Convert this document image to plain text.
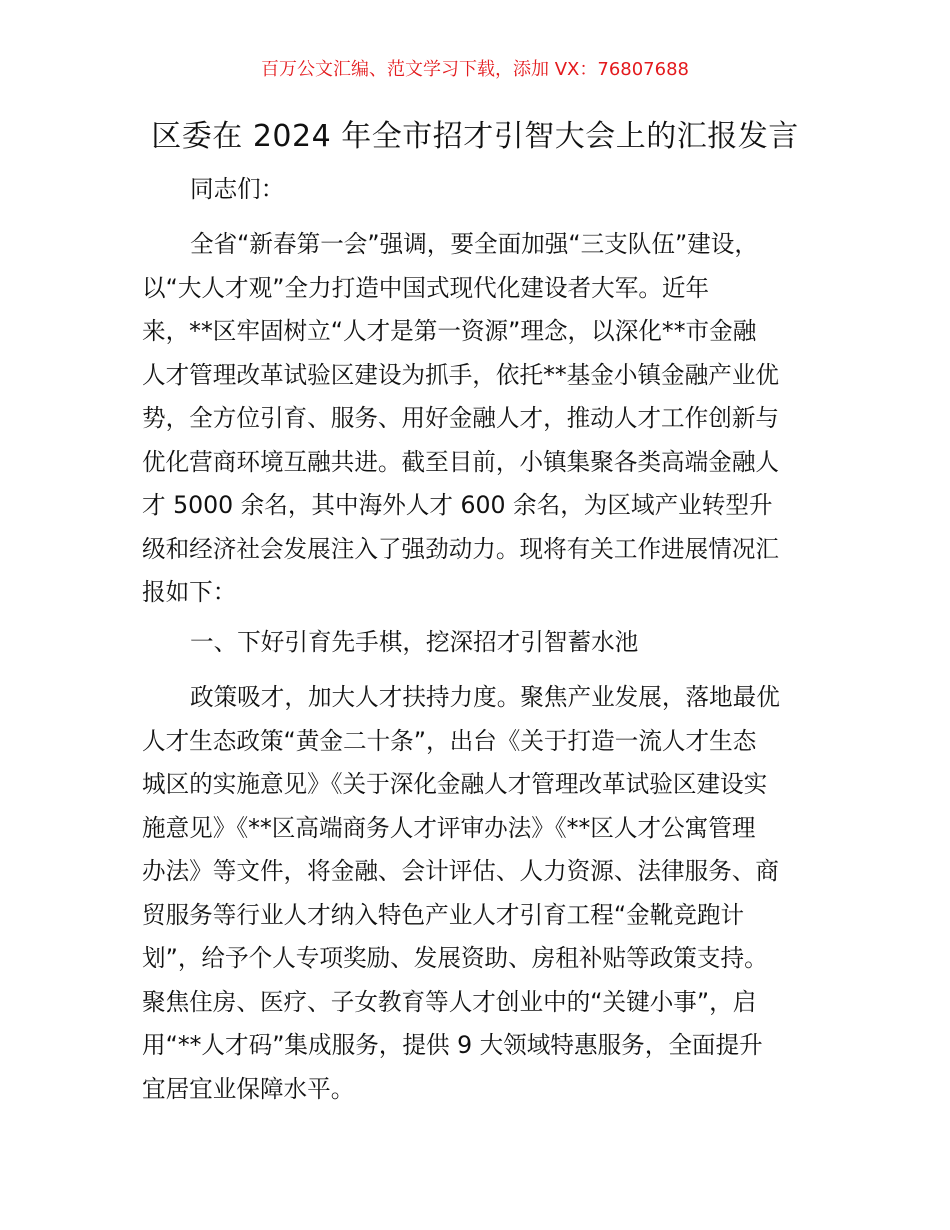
百万公文汇编、范文学习下载，添加 VX：76807688
区委在 2024 年全市招才引智大会上的汇报发言
同志们：
全省“新春第一会”强调，要全面加强“三支队伍”建设，
以“大人才观”全力打造中国式现代化建设者大军。近年
来，**区牢固树立“人才是第一资源”理念，以深化**市金融
人才管理改革试验区建设为抓手，依托**基金小镇金融产业优
势，全方位引育、服务、用好金融人才，推动人才工作创新与
优化营商环境互融共进。截至目前，小镇集聚各类高端金融人
才 5000 余名，其中海外人才 600 余名，为区域产业转型升
级和经济社会发展注入了强劲动力。现将有关工作进展情况汇
报如下：
一、下好引育先手棋，挖深招才引智蓄水池
政策吸才，加大人才扶持力度。聚焦产业发展，落地最优
人才生态政策“黄金二十条”，出台《关于打造一流人才生态
城区的实施意见》《关于深化金融人才管理改革试验区建设实
施意见》《**区高端商务人才评审办法》《**区人才公寓管理
办法》等文件，将金融、会计评估、人力资源、法律服务、商
贸服务等行业人才纳入特色产业人才引育工程“金靴竞跑计
划”，给予个人专项奖励、发展资助、房租补贴等政策支持。
聚焦住房、医疗、子女教育等人才创业中的“关键小事”，启
用“**人才码”集成服务，提供 9 大领域特惠服务，全面提升
宜居宜业保障水平。
